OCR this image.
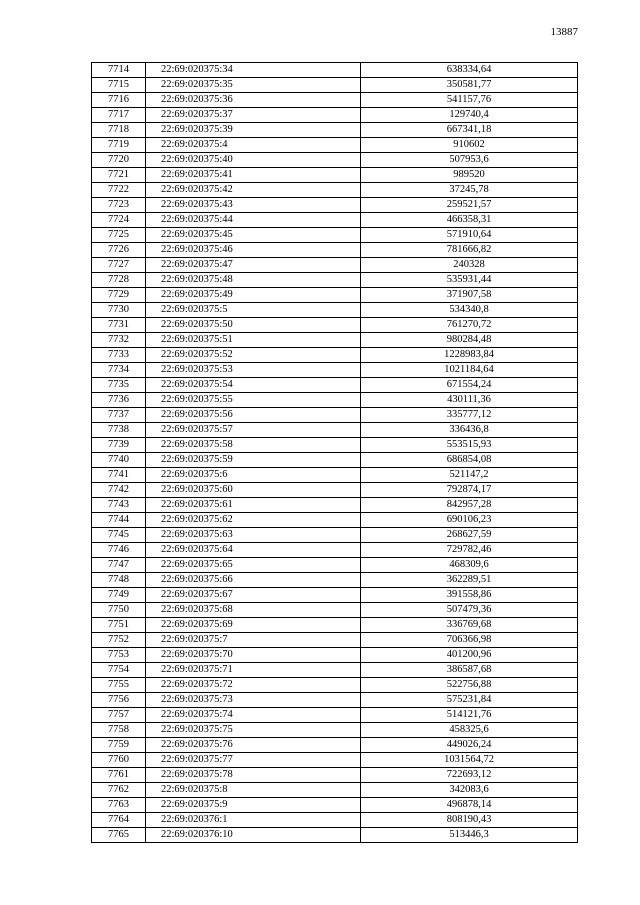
13887
7714	22:69:020375:34	638334,64
7715	22:69:020375:35	350581,77
7716	22:69:020375:36	541157,76
7717	22:69:020375:37	129740,4
7718	22:69:020375:39	667341,18
7719	22:69:020375:4	910602
7720	22:69:020375:40	507953,6
7721	22:69:020375:41	989520
7722	22:69:020375:42	37245,78
7723	22:69:020375:43	259521,57
7724	22:69:020375:44	466358,31
7725	22:69:020375:45	571910,64
7726	22:69:020375:46	781666,82
7727	22:69:020375:47	240328
7728	22:69:020375:48	535931,44
7729	22:69:020375:49	371907,58
7730	22:69:020375:5	534340,8
7731	22:69:020375:50	761270,72
7732	22:69:020375:51	980284,48
7733	22:69:020375:52	1228983,84
7734	22:69:020375:53	1021184,64
7735	22:69:020375:54	671554,24
7736	22:69:020375:55	430111,36
7737	22:69:020375:56	335777,12
7738	22:69:020375:57	336436,8
7739	22:69:020375:58	553515,93
7740	22:69:020375:59	686854,08
7741	22:69:020375:6	521147,2
7742	22:69:020375:60	792874,17
7743	22:69:020375:61	842957,28
7744	22:69:020375:62	690106,23
7745	22:69:020375:63	268627,59
7746	22:69:020375:64	729782,46
7747	22:69:020375:65	468309,6
7748	22:69:020375:66	362289,51
7749	22:69:020375:67	391558,86
7750	22:69:020375:68	507479,36
7751	22:69:020375:69	336769,68
7752	22:69:020375:7	706366,98
7753	22:69:020375:70	401200,96
7754	22:69:020375:71	386587,68
7755	22:69:020375:72	522756,88
7756	22:69:020375:73	575231,84
7757	22:69:020375:74	514121,76
7758	22:69:020375:75	458325,6
7759	22:69:020375:76	449026,24
7760	22:69:020375:77	1031564,72
7761	22:69:020375:78	722693,12
7762	22:69:020375:8	342083,6
7763	22:69:020375:9	496878,14
7764	22:69:020376:1	808190,43
7765	22:69:020376:10	513446,3
